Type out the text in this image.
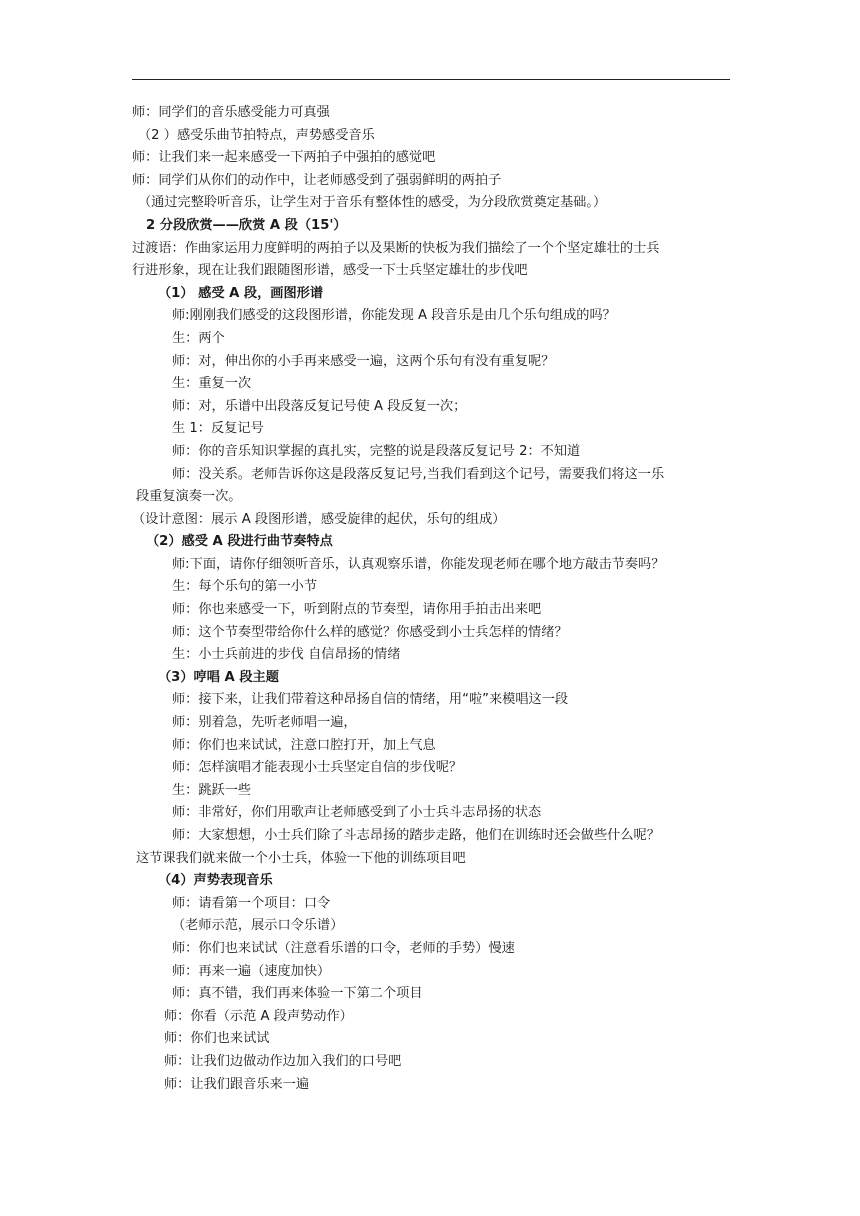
师：同学们的音乐感受能力可真强
（2 ）感受乐曲节拍特点，声势感受音乐
师：让我们来一起来感受一下两拍子中强拍的感觉吧
师：同学们从你们的动作中，让老师感受到了强弱鲜明的两拍子
（通过完整聆听音乐，让学生对于音乐有整体性的感受，为分段欣赏奠定基础。）
2 分段欣赏——欣赏 A 段（15'）
过渡语：作曲家运用力度鲜明的两拍子以及果断的快板为我们描绘了一个个坚定雄壮的士兵
行进形象，现在让我们跟随图形谱，感受一下士兵坚定雄壮的步伐吧
（1） 感受 A 段，画图形谱
师:刚刚我们感受的这段图形谱，你能发现 A 段音乐是由几个乐句组成的吗？
生：两个
师：对，伸出你的小手再来感受一遍，这两个乐句有没有重复呢？
生：重复一次
师：对，乐谱中出段落反复记号使 A 段反复一次；
生 1：反复记号
师：你的音乐知识掌握的真扎实，完整的说是段落反复记号 2：不知道
师：没关系。老师告诉你这是段落反复记号,当我们看到这个记号，需要我们将这一乐
段重复演奏一次。
（设计意图：展示 A 段图形谱，感受旋律的起伏，乐句的组成）
（2）感受 A 段进行曲节奏特点
师:下面，请你仔细领听音乐，认真观察乐谱，你能发现老师在哪个地方敲击节奏吗？
生：每个乐句的第一小节
师：你也来感受一下，听到附点的节奏型，请你用手拍击出来吧
师：这个节奏型带给你什么样的感觉？你感受到小士兵怎样的情绪？
生：小士兵前进的步伐 自信昂扬的情绪
（3）哼唱 A 段主题
师：接下来，让我们带着这种昂扬自信的情绪，用“啦”来模唱这一段
师：别着急，先听老师唱一遍，
师：你们也来试试，注意口腔打开，加上气息
师：怎样演唱才能表现小士兵坚定自信的步伐呢？
生：跳跃一些
师：非常好，你们用歌声让老师感受到了小士兵斗志昂扬的状态
师：大家想想，小士兵们除了斗志昂扬的踏步走路，他们在训练时还会做些什么呢？
这节课我们就来做一个小士兵，体验一下他的训练项目吧
（4）声势表现音乐
师：请看第一个项目：口令
（老师示范，展示口令乐谱）
师：你们也来试试（注意看乐谱的口令，老师的手势）慢速
师：再来一遍（速度加快）
师：真不错，我们再来体验一下第二个项目
师：你看（示范 A 段声势动作）
师：你们也来试试
师：让我们边做动作边加入我们的口号吧
师：让我们跟音乐来一遍
